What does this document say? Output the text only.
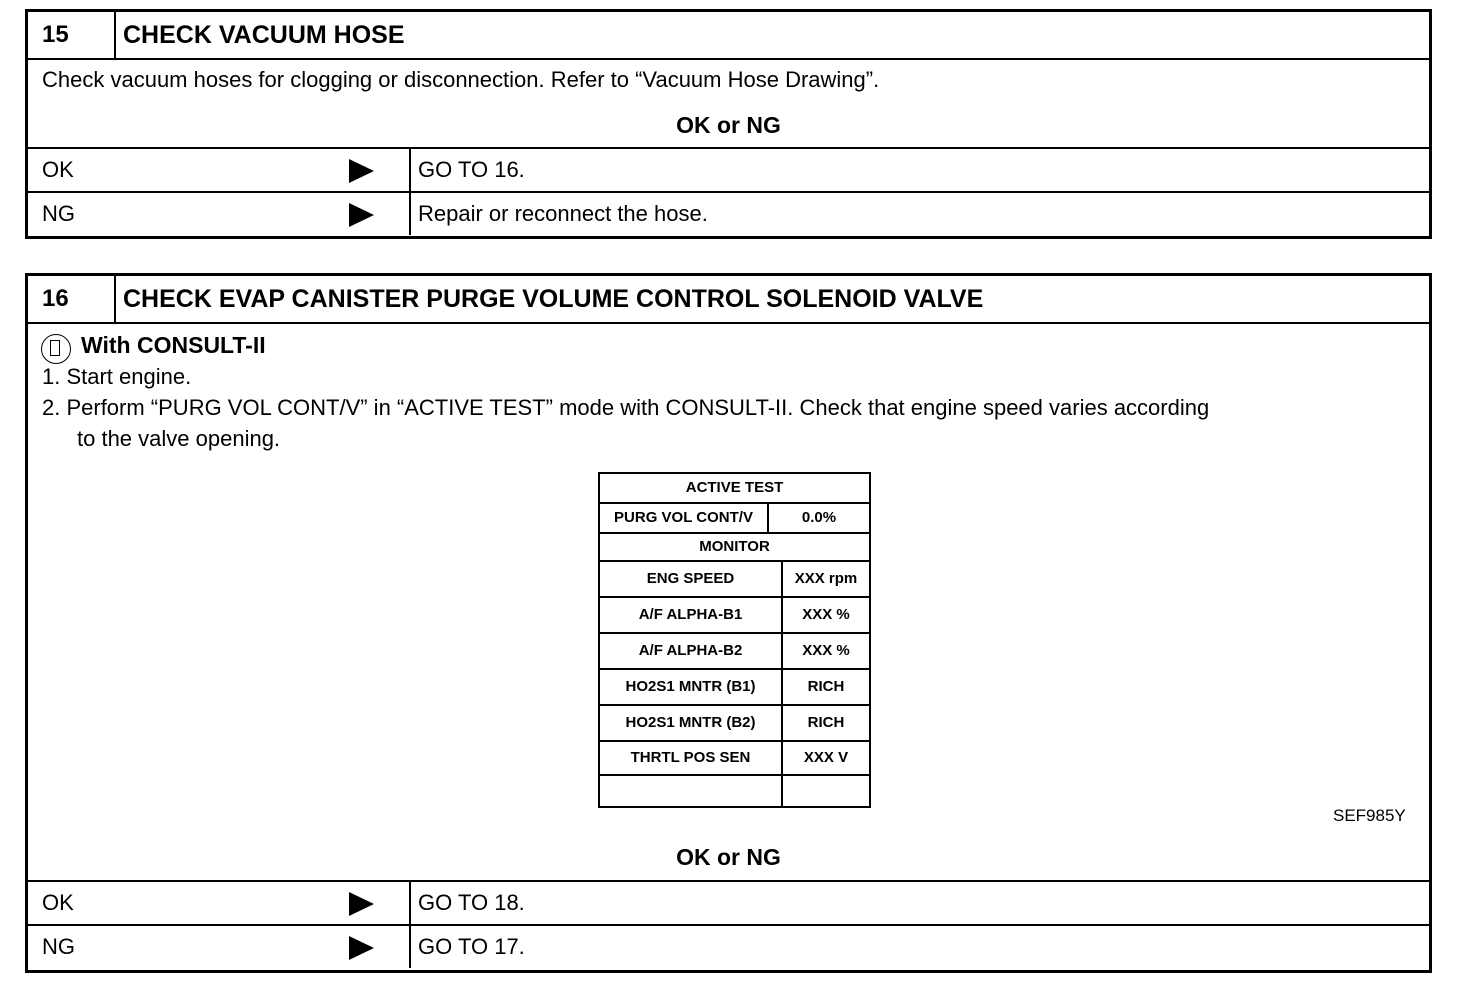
15	CHECK VACUUM HOSE
Check vacuum hoses for clogging or disconnection. Refer to “Vacuum Hose Drawing”.
OK or NG
OK	GO TO 16.
NG	Repair or reconnect the hose.
16	CHECK EVAP CANISTER PURGE VOLUME CONTROL SOLENOID VALVE
With CONSULT-II
1. Start engine.
2. Perform “PURG VOL CONT/V” in “ACTIVE TEST” mode with CONSULT-II. Check that engine speed varies according
to the valve opening.
ACTIVE TEST
PURG VOL CONT/V	0.0%
MONITOR
ENG SPEED	XXX rpm
A/F ALPHA-B1	XXX %
A/F ALPHA-B2	XXX %
HO2S1 MNTR (B1)	RICH
HO2S1 MNTR (B2)	RICH
THRTL POS SEN	XXX V
SEF985Y
OK or NG
OK	GO TO 18.
NG	GO TO 17.
